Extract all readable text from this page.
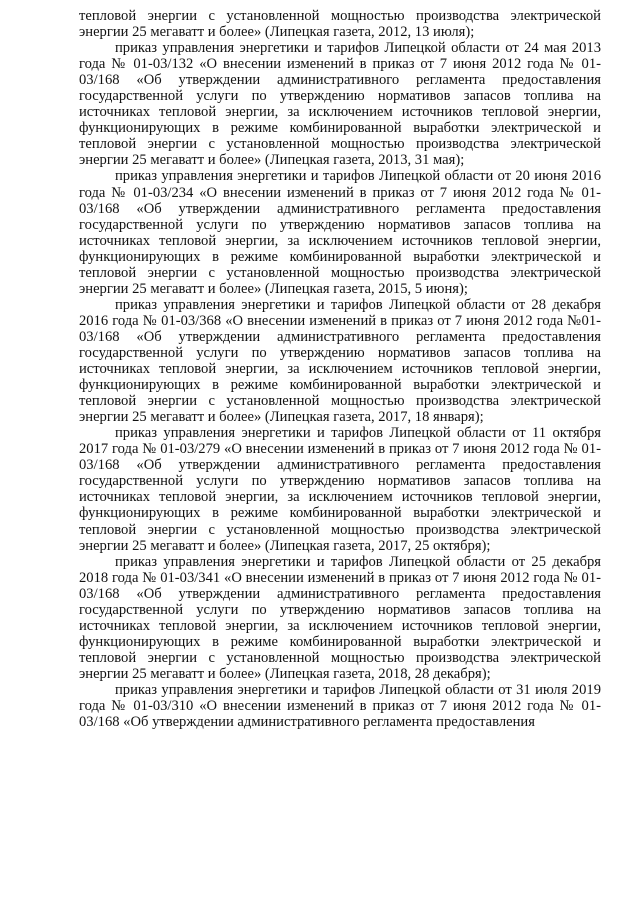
тепловой энергии с установленной мощностью производства электрической энергии 25 мегаватт и более» (Липецкая газета, 2012, 13 июля);

приказ управления энергетики и тарифов Липецкой области от 24 мая 2013 года № 01-03/132 «О внесении изменений в приказ от 7 июня 2012 года № 01-03/168 «Об утверждении административного регламента предоставления государственной услуги по утверждению нормативов запасов топлива на источниках тепловой энергии, за исключением источников тепловой энергии, функционирующих в режиме комбинированной выработки электрической и тепловой энергии с установленной мощностью производства электрической энергии 25 мегаватт и более» (Липецкая газета, 2013, 31 мая);

приказ управления энергетики и тарифов Липецкой области от 20 июня 2016 года № 01-03/234 «О внесении изменений в приказ от 7 июня 2012 года № 01-03/168 «Об утверждении административного регламента предоставления государственной услуги по утверждению нормативов запасов топлива на источниках тепловой энергии, за исключением источников тепловой энергии, функционирующих в режиме комбинированной выработки электрической и тепловой энергии с установленной мощностью производства электрической энергии 25 мегаватт и более» (Липецкая газета, 2015, 5 июня);

приказ управления энергетики и тарифов Липецкой области от 28 декабря 2016 года № 01-03/368 «О внесении изменений в приказ от 7 июня 2012 года №01-03/168 «Об утверждении административного регламента предоставления государственной услуги по утверждению нормативов запасов топлива на источниках тепловой энергии, за исключением источников тепловой энергии, функционирующих в режиме комбинированной выработки электрической и тепловой энергии с установленной мощностью производства электрической энергии 25 мегаватт и более» (Липецкая газета, 2017, 18 января);

приказ управления энергетики и тарифов Липецкой области от 11 октября 2017 года № 01-03/279 «О внесении изменений в приказ от 7 июня 2012 года № 01-03/168 «Об утверждении административного регламента предоставления государственной услуги по утверждению нормативов запасов топлива на источниках тепловой энергии, за исключением источников тепловой энергии, функционирующих в режиме комбинированной выработки электрической и тепловой энергии с установленной мощностью производства электрической энергии 25 мегаватт и более» (Липецкая газета, 2017, 25 октября);

приказ управления энергетики и тарифов Липецкой области от 25 декабря 2018 года № 01-03/341 «О внесении изменений в приказ от 7 июня 2012 года № 01-03/168 «Об утверждении административного регламента предоставления государственной услуги по утверждению нормативов запасов топлива на источниках тепловой энергии, за исключением источников тепловой энергии, функционирующих в режиме комбинированной выработки электрической и тепловой энергии с установленной мощностью производства электрической энергии 25 мегаватт и более» (Липецкая газета, 2018, 28 декабря);

приказ управления энергетики и тарифов Липецкой области от 31 июля 2019 года № 01-03/310 «О внесении изменений в приказ от 7 июня 2012 года № 01-03/168 «Об утверждении административного регламента предоставления
